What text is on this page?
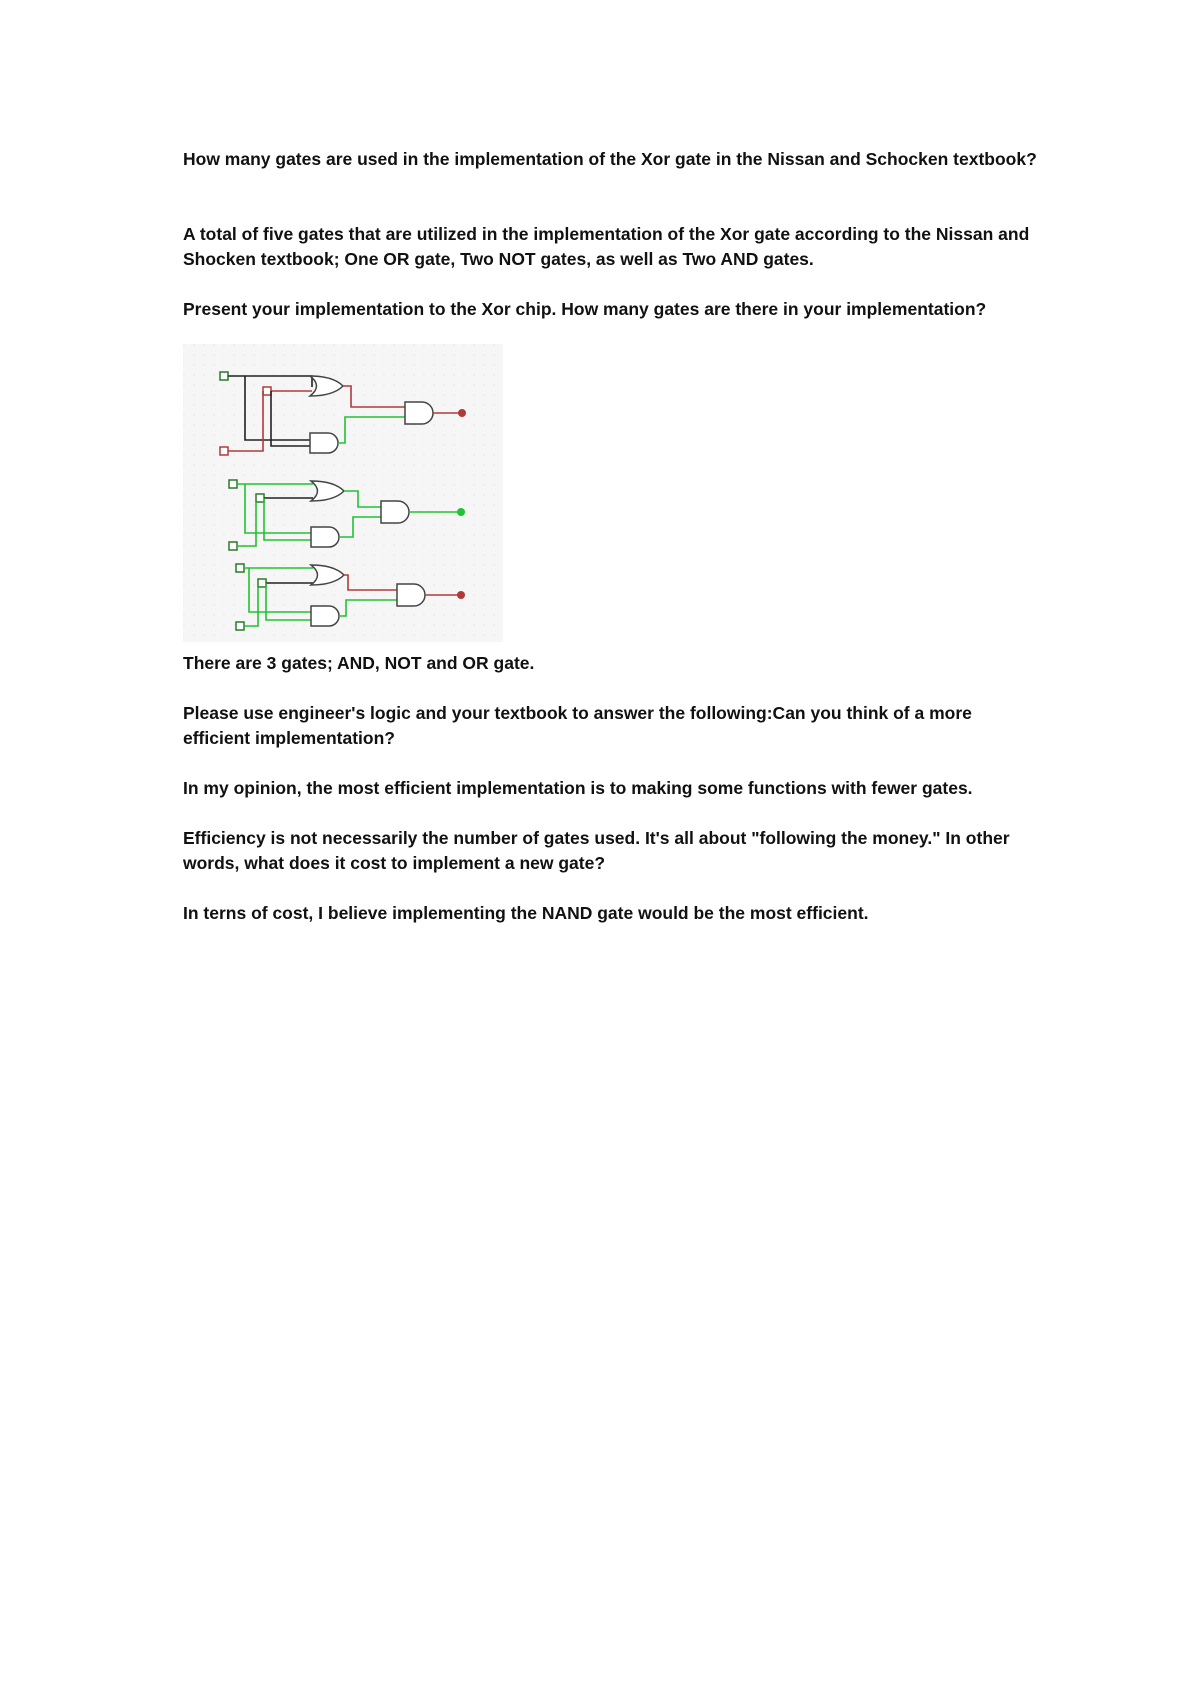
How many gates are used in the implementation of the Xor gate in the Nissan and Schocken textbook?

A total of five gates that are utilized in the implementation of the Xor gate according to the Nissan and Shocken textbook; One OR gate, Two NOT gates, as well as Two AND gates.

Present your implementation to the Xor chip. How many gates are there in your implementation?

There are 3 gates; AND, NOT and OR gate.

Please use engineer's logic and your textbook to answer the following:Can you think of a more efficient implementation?

In my opinion, the most efficient implementation is to making some functions with fewer gates.

Efficiency is not necessarily the number of gates used. It's all about "following the money." In other words, what does it cost to implement a new gate?

In terns of cost, I believe implementing the NAND gate would be the most efficient.
